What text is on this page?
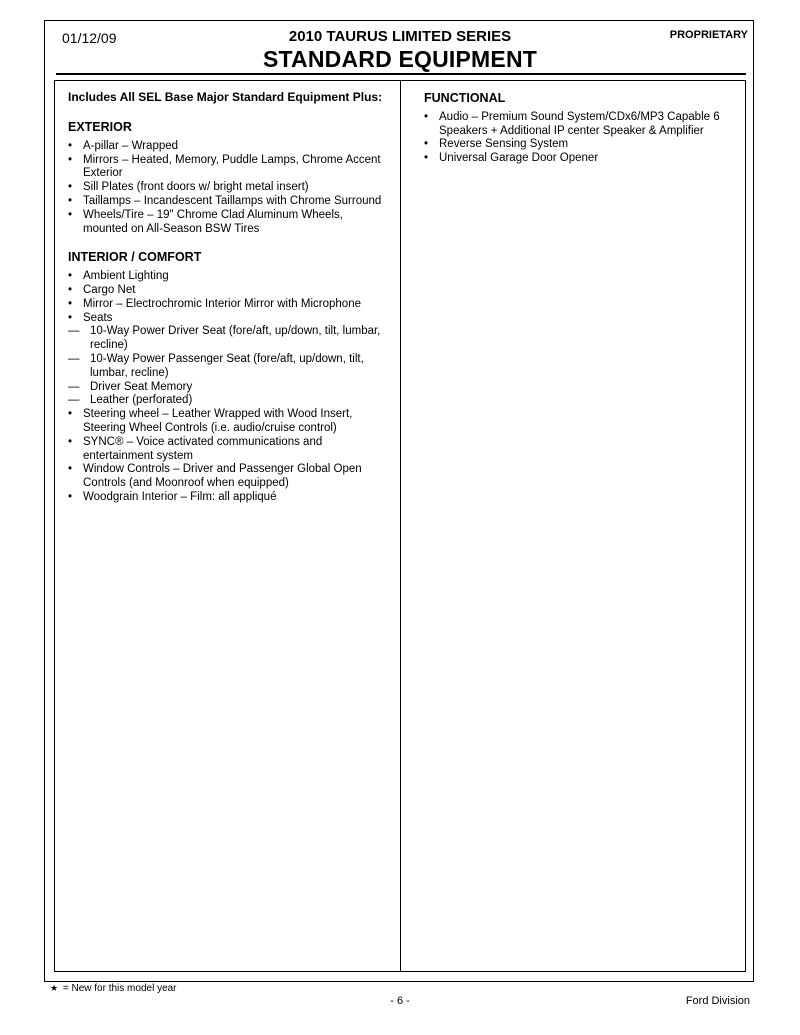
01/12/09	2010 TAURUS LIMITED SERIES
STANDARD EQUIPMENT
PROPRIETARY
Includes All SEL Base Major Standard Equipment Plus:
EXTERIOR
• A-pillar – Wrapped
• Mirrors – Heated, Memory, Puddle Lamps, Chrome Accent Exterior
• Sill Plates (front doors w/ bright metal insert)
• Taillamps – Incandescent Taillamps with Chrome Surround
• Wheels/Tire – 19" Chrome Clad Aluminum Wheels, mounted on All-Season BSW Tires
INTERIOR / COMFORT
• Ambient Lighting
• Cargo Net
• Mirror – Electrochromic Interior Mirror with Microphone
• Seats
— 10-Way Power Driver Seat (fore/aft, up/down, tilt, lumbar, recline)
— 10-Way Power Passenger Seat (fore/aft, up/down, tilt, lumbar, recline)
— Driver Seat Memory
— Leather (perforated)
• Steering wheel – Leather Wrapped with Wood Insert, Steering Wheel Controls (i.e. audio/cruise control)
• SYNC® – Voice activated communications and entertainment system
• Window Controls – Driver and Passenger Global Open Controls (and Moonroof when equipped)
• Woodgrain Interior – Film: all appliqué
FUNCTIONAL
• Audio – Premium Sound System/CDx6/MP3 Capable 6 Speakers + Additional IP center Speaker & Amplifier
• Reverse Sensing System
• Universal Garage Door Opener
★ = New for this model year
- 6 -	Ford Division
